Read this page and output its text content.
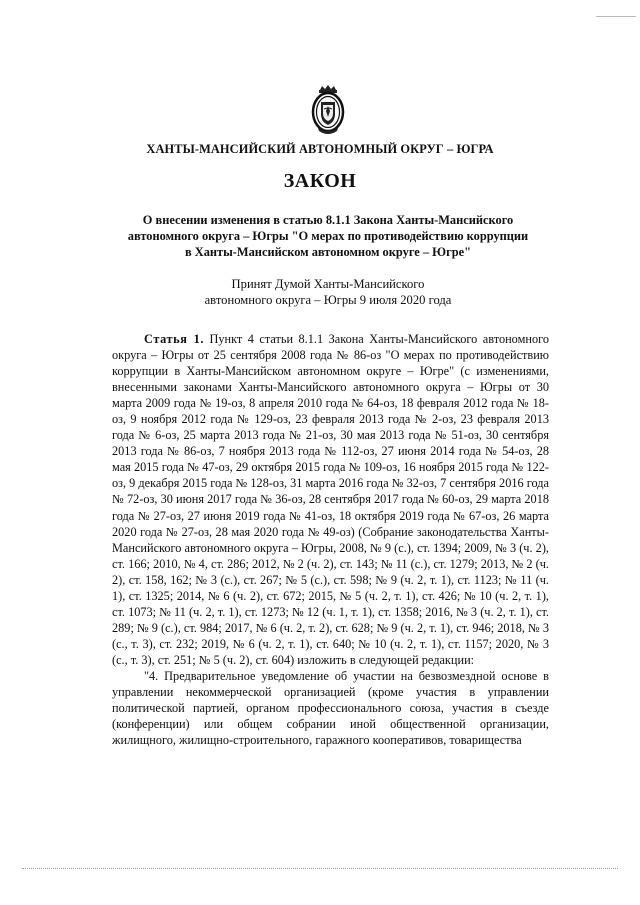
ХАНТЫ-МАНСИЙСКИЙ АВТОНОМНЫЙ ОКРУГ – ЮГРА
ЗАКОН
О внесении изменения в статью 8.1.1 Закона Ханты-Мансийского
автономного округа – Югры "О мерах по противодействию коррупции
в Ханты-Мансийском автономном округе – Югре"
Принят Думой Ханты-Мансийского
автономного округа – Югры 9 июля 2020 года

Статья 1. Пункт 4 статьи 8.1.1 Закона Ханты-Мансийского автономного округа – Югры от 25 сентября 2008 года № 86-оз "О мерах по противодействию коррупции в Ханты-Мансийском автономном округе – Югре" (с изменениями, внесенными законами Ханты-Мансийского автономного округа – Югры от 30 марта 2009 года № 19-оз, 8 апреля 2010 года № 64-оз, 18 февраля 2012 года № 18-оз, 9 ноября 2012 года № 129-оз, 23 февраля 2013 года № 2-оз, 23 февраля 2013 года № 6-оз, 25 марта 2013 года № 21-оз, 30 мая 2013 года № 51-оз, 30 сентября 2013 года № 86-оз, 7 ноября 2013 года № 112-оз, 27 июня 2014 года № 54-оз, 28 мая 2015 года № 47-оз, 29 октября 2015 года № 109-оз, 16 ноября 2015 года № 122-оз, 9 декабря 2015 года № 128-оз, 31 марта 2016 года № 32-оз, 7 сентября 2016 года № 72-оз, 30 июня 2017 года № 36-оз, 28 сентября 2017 года № 60-оз, 29 марта 2018 года № 27-оз, 27 июня 2019 года № 41-оз, 18 октября 2019 года № 67-оз, 26 марта 2020 года № 27-оз, 28 мая 2020 года № 49-оз) (Собрание законодательства Ханты-Мансийского автономного округа – Югры, 2008, № 9 (с.), ст. 1394; 2009, № 3 (ч. 2), ст. 166; 2010, № 4, ст. 286; 2012, № 2 (ч. 2), ст. 143; № 11 (с.), ст. 1279; 2013, № 2 (ч. 2), ст. 158, 162; № 3 (с.), ст. 267; № 5 (с.), ст. 598; № 9 (ч. 2, т. 1), ст. 1123; № 11 (ч. 1), ст. 1325; 2014, № 6 (ч. 2), ст. 672; 2015, № 5 (ч. 2, т. 1), ст. 426; № 10 (ч. 2, т. 1), ст. 1073; № 11 (ч. 2, т. 1), ст. 1273; № 12 (ч. 1, т. 1), ст. 1358; 2016, № 3 (ч. 2, т. 1), ст. 289; № 9 (с.), ст. 984; 2017, № 6 (ч. 2, т. 2), ст. 628; № 9 (ч. 2, т. 1), ст. 946; 2018, № 3 (с., т. 3), ст. 232; 2019, № 6 (ч. 2, т. 1), ст. 640; № 10 (ч. 2, т. 1), ст. 1157; 2020, № 3 (с., т. 3), ст. 251; № 5 (ч. 2), ст. 604) изложить в следующей редакции:

"4. Предварительное уведомление об участии на безвозмездной основе в управлении некоммерческой организацией (кроме участия в управлении политической партией, органом профессионального союза, участия в съезде (конференции) или общем собрании иной общественной организации, жилищного, жилищно-строительного, гаражного кооперативов, товарищества
